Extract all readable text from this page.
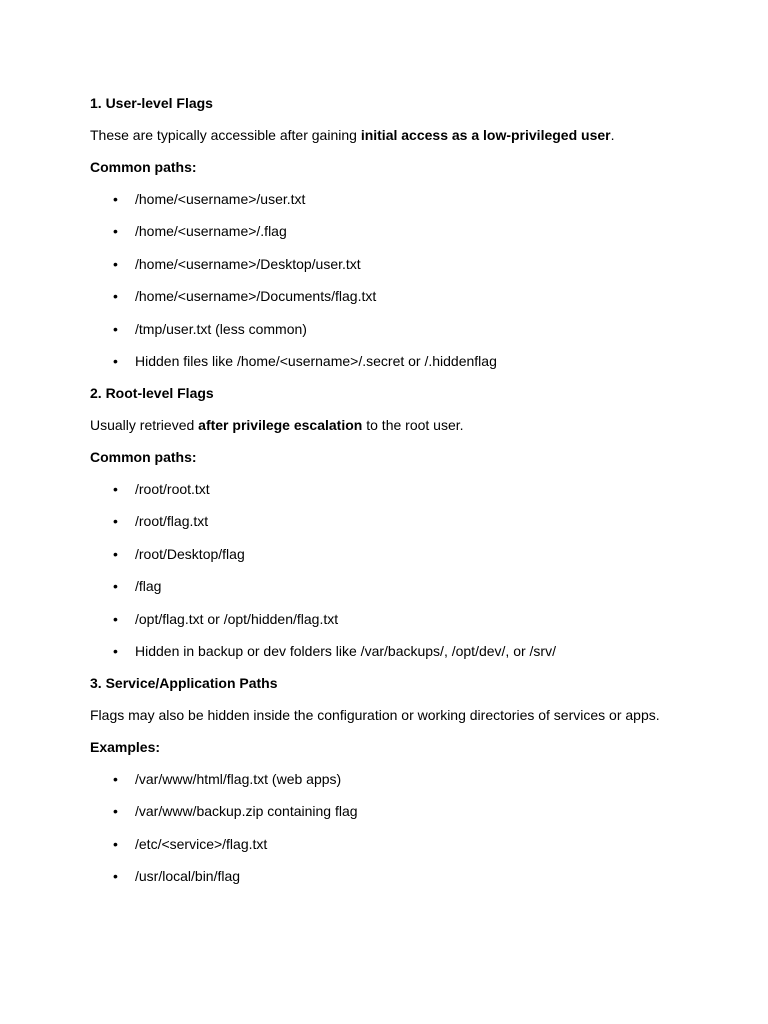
1. User-level Flags
These are typically accessible after gaining initial access as a low-privileged user.
Common paths:
• /home/<username>/user.txt
• /home/<username>/.flag
• /home/<username>/Desktop/user.txt
• /home/<username>/Documents/flag.txt
• /tmp/user.txt (less common)
• Hidden files like /home/<username>/.secret or /.hiddenflag
2. Root-level Flags
Usually retrieved after privilege escalation to the root user.
Common paths:
• /root/root.txt
• /root/flag.txt
• /root/Desktop/flag
• /flag
• /opt/flag.txt or /opt/hidden/flag.txt
• Hidden in backup or dev folders like /var/backups/, /opt/dev/, or /srv/
3. Service/Application Paths
Flags may also be hidden inside the configuration or working directories of services or apps.
Examples:
• /var/www/html/flag.txt (web apps)
• /var/www/backup.zip containing flag
• /etc/<service>/flag.txt
• /usr/local/bin/flag
